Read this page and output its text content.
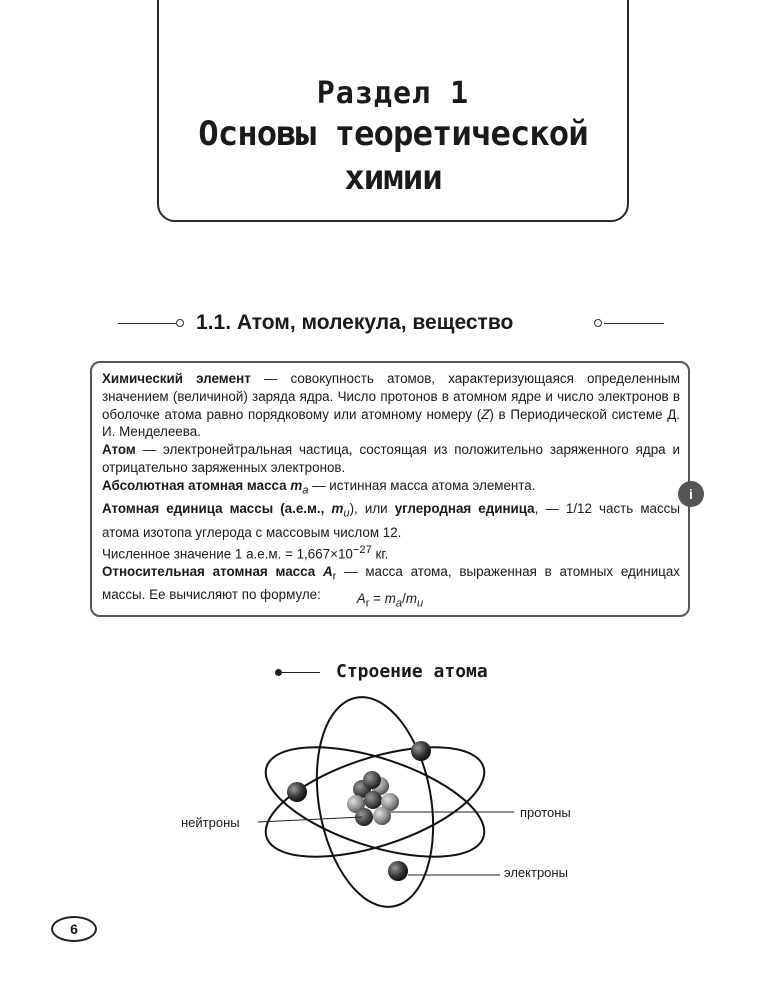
Раздел 1
Основы теоретической
химии
1.1. Атом, молекула, вещество

Химический элемент — совокупность атомов, характеризующаяся определенным значением (величиной) заряда ядра. Число протонов в атомном ядре и число электронов в оболочке атома равно порядковому или атомному номеру (Z) в Периодической системе Д. И. Менделеева.

Атом — электронейтральная частица, состоящая из положительно заряженного ядра и отрицательно заряженных электронов.

Абсолютная атомная масса $m_a$ — истинная масса атома элемента.

Атомная единица массы (а.е.м., $m_u$), или углеродная единица, — 1/12 часть массы атома изотопа углерода с массовым числом 12.

Численное значение 1 а.е.м. = $1,667\times 10^{-27}$ кг.

Относительная атомная масса $A_r$ — масса атома, выраженная в атомных единицах массы. Ее вычисляют по формуле:	$A_r = m_a/m_u$
i
Строение атома
нейтроны
протоны
электроны
6
